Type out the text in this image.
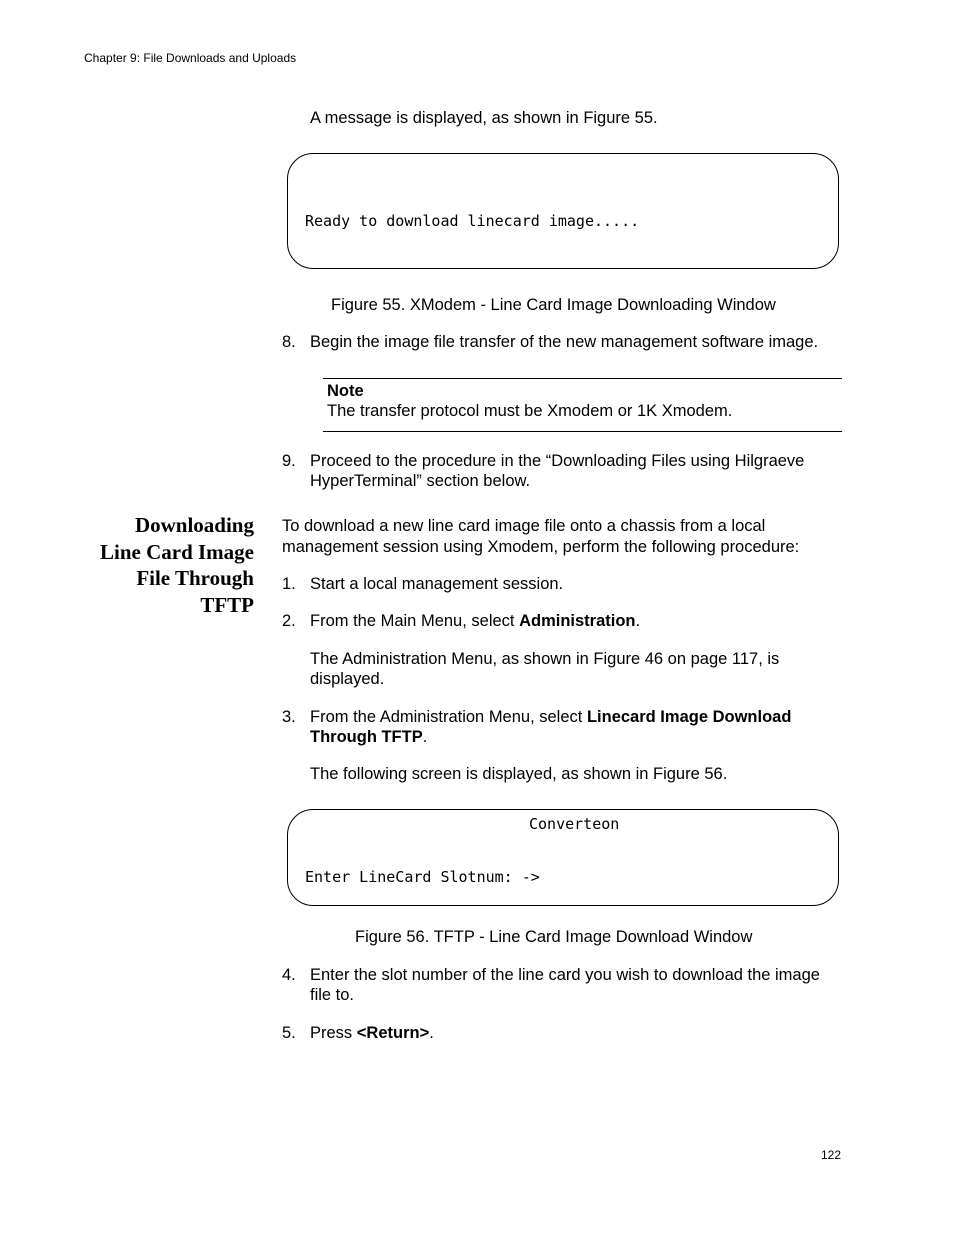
Chapter 9: File Downloads and Uploads
A message is displayed, as shown in Figure 55.
Ready to download linecard image.....
Figure 55. XModem - Line Card Image Downloading Window
8. Begin the image file transfer of the new management software image.
Note
The transfer protocol must be Xmodem or 1K Xmodem.
9. Proceed to the procedure in the “Downloading Files using Hilgraeve
HyperTerminal” section below.
Downloading
Line Card Image
File Through
TFTP
To download a new line card image file onto a chassis from a local
management session using Xmodem, perform the following procedure:
1. Start a local management session.
2. From the Main Menu, select Administration.
The Administration Menu, as shown in Figure 46 on page 117, is
displayed.
3. From the Administration Menu, select Linecard Image Download
Through TFTP.
The following screen is displayed, as shown in Figure 56.
Converteon
Enter LineCard Slotnum: ->
Figure 56. TFTP - Line Card Image Download Window
4. Enter the slot number of the line card you wish to download the image
file to.
5. Press <Return>.
122
